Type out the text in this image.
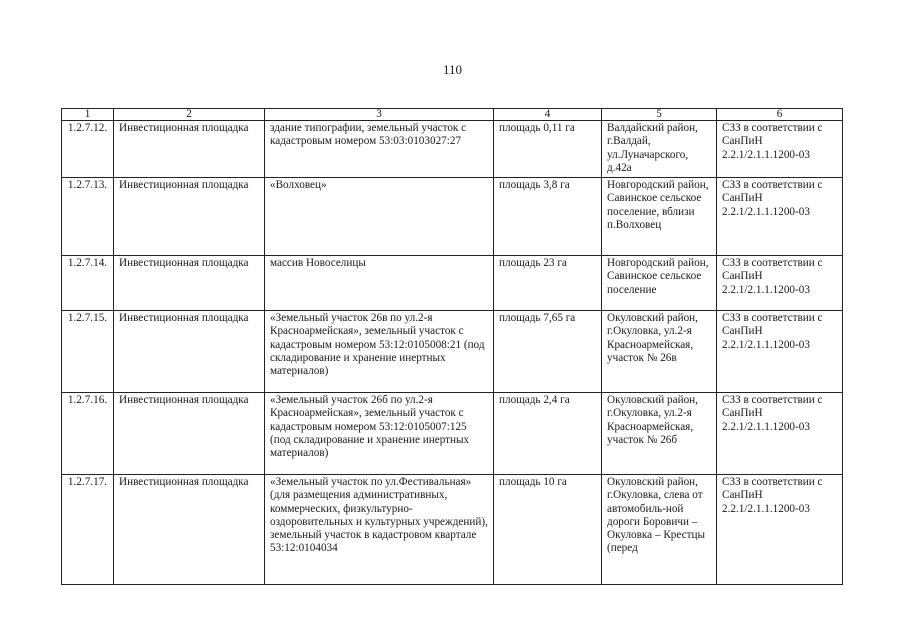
110
1	2	3	4	5	6
1.2.7.12.	Инвестиционная площадка	здание типографии, земельный участок с кадастровым номером 53:03:0103027:27	площадь 0,11 га	Валдайский район, г.Валдай, ул.Луначарского, д.42а	СЗЗ в соответствии с СанПиН 2.2.1/2.1.1.1200-03
1.2.7.13.	Инвестиционная площадка	«Волховец»	площадь 3,8 га	Новгородский район, Савинское сельское поселение, вблизи п.Волховец	СЗЗ в соответствии с СанПиН 2.2.1/2.1.1.1200-03
1.2.7.14.	Инвестиционная площадка	массив Новоселицы	площадь 23 га	Новгородский район, Савинское сельское поселение	СЗЗ в соответствии с СанПиН 2.2.1/2.1.1.1200-03
1.2.7.15.	Инвестиционная площадка	«Земельный участок 26в по ул.2-я Красноармейская», земельный участок с кадастровым номером 53:12:0105008:21 (под складирование и хранение инертных материалов)	площадь 7,65 га	Окуловский район, г.Окуловка, ул.2-я Красноармейская, участок № 26в	СЗЗ в соответствии с СанПиН 2.2.1/2.1.1.1200-03
1.2.7.16.	Инвестиционная площадка	«Земельный участок 26б по ул.2-я Красноармейская», земельный участок с кадастровым номером 53:12:0105007:125 (под складирование и хранение инертных материалов)	площадь 2,4 га	Окуловский район, г.Окуловка, ул.2-я Красноармейская, участок № 26б	СЗЗ в соответствии с СанПиН 2.2.1/2.1.1.1200-03
1.2.7.17.	Инвестиционная площадка	«Земельный участок по ул.Фестивальная» (для размещения административных, коммерческих, физкультурно-оздоровительных и культурных учреждений), земельный участок в кадастровом квартале 53:12:0104034	площадь 10 га	Окуловский район, г.Окуловка, слева от автомобиль-ной дороги Боровичи – Окуловка – Крестцы (перед	СЗЗ в соответствии с СанПиН 2.2.1/2.1.1.1200-03
